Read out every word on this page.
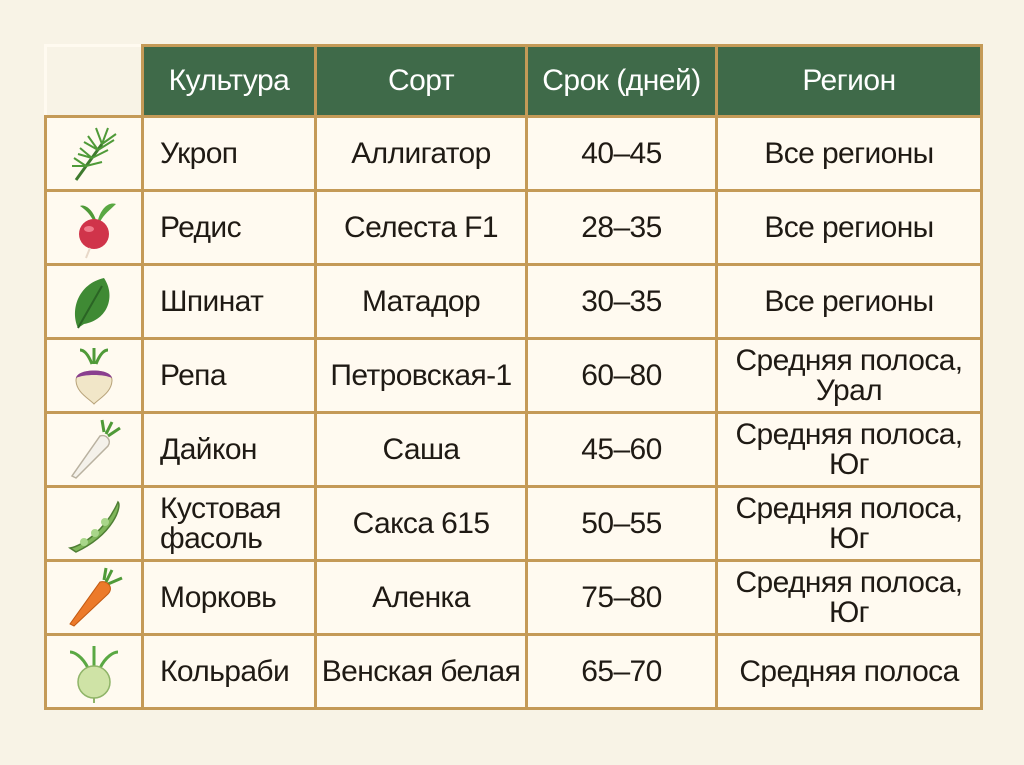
	Культура	Сорт	Срок (дней)	Регион
	Укроп	Аллигатор	40–45	Все регионы
	Редис	Селеста F1	28–35	Все регионы
	Шпинат	Матадор	30–35	Все регионы
	Репа	Петровская-1	60–80	Средняя полоса, Урал
	Дайкон	Саша	45–60	Средняя полоса, Юг
	Кустовая фасоль	Сакса 615	50–55	Средняя полоса, Юг
	Морковь	Аленка	75–80	Средняя полоса, Юг
	Кольраби	Венская белая	65–70	Средняя полоса
